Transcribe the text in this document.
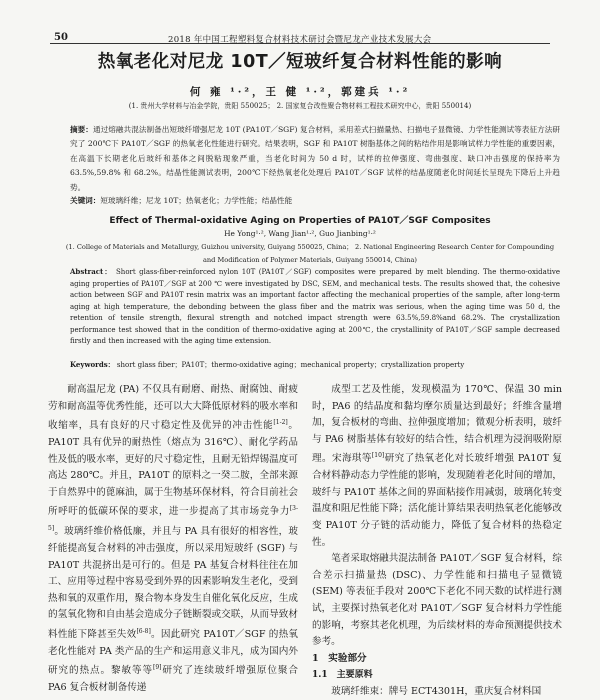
50	2018 年中国工程塑料复合材料技术研讨会暨尼龙产业技术发展大会
热氧老化对尼龙 10T／短玻纤复合材料性能的影响
何 雍 ¹·²，王 健 ¹·²，郭建兵 ¹·²
(1. 贵州大学材料与冶金学院，贵阳 550025； 2. 国家复合改性聚合物材料工程技术研究中心，贵阳 550014)
摘要：通过熔融共混法制备出短玻纤增强尼龙 10T (PA10T／SGF) 复合材料，采用差式扫描量热、扫描电子显微镜、力学性能测试等表征方法研究了 200℃下 PA10T／SGF 的热氧老化性能进行研究。结果表明，SGF 和 PA10T 树脂基体之间的粘结作用是影响试样力学性能的重要因素，在高温下长期老化后玻纤和基体之间脱粘现象严重，当老化时间为 50 d 时，试样的拉伸强度、弯曲强度、缺口冲击强度的保持率为 63.5%,59.8% 和 68.2%。结晶性能测试表明，200℃下经热氧老化处理后 PA10T／SGF 试样的结晶度随老化时间延长呈现先下降后上升趋势。
关键词：短玻璃纤维；尼龙 10T；热氧老化；力学性能；结晶性能
Effect of Thermal-oxidative Aging on Properties of PA10T／SGF Composites
He Yong¹·², Wang Jian¹·², Guo Jianbing¹·²
(1. College of Materials and Metallurgy, Guizhou university, Guiyang 550025, China； 2. National Engineering Research Center for Compounding and Modification of Polymer Materials, Guiyang 550014, China)
Abstract： Short glass-fiber-reinforced nylon 10T (PA10T／SGF) composites were prepared by melt blending. The thermo-oxidative aging properties of PA10T／SGF at 200 ℃ were investigated by DSC, SEM, and mechanical tests. The results showed that, the cohesive action between SGF and PA10T resin matrix was an important factor affecting the mechanical properties of the sample, after long-term aging at high temperature, the debonding between the glass fiber and the matrix was serious, when the aging time was 50 d, the retention of tensile strength, flexural strength and notched impact strength were 63.5%,59.8%and 68.2%. The crystallization performance test showed that in the condition of thermo-oxidative aging at 200℃, the crystallinity of PA10T／SGF sample decreased firstly and then increased with the aging time extension.
Keywords： short glass fiber；PA10T；thermo-oxidative aging；mechanical property；crystallization property

耐高温尼龙 (PA) 不仅具有耐磨、耐热、耐腐蚀、耐疲劳和耐高温等优秀性能，还可以大大降低原材料的吸水率和收缩率，具有良好的尺寸稳定性及优异的冲击性能[1-2]。PA10T 具有优异的耐热性（熔点为 316℃）、耐化学药品性及低的吸水率，更好的尺寸稳定性，且耐无铅焊锡温度可高达 280℃。并且，PA10T 的原料之一癸二胺，全部来源于自然界中的蓖麻油，属于生物基环保材料，符合目前社会所呼吁的低碳环保的要求，进一步提高了其市场竞争力[3-5]。玻璃纤维价格低廉，并且与 PA 具有很好的相容性，玻纤能提高复合材料的冲击强度，所以采用短玻纤 (SGF) 与 PA10T 共混挤出是可行的。但是 PA 基复合材料往往在加工、应用等过程中容易受到外界的因素影响发生老化，受到热和氧的双重作用，聚合物本身发生自催化氧化反应，生成的氢氧化物和自由基会造成分子链断裂或交联，从而导致材料性能下降甚至失效[6-8]。因此研究 PA10T／SGF 的热氧老化性能对 PA 类产品的生产和运用意义非凡，成为国内外研究的热点。黎敏等等[9]研究了连续玻纤增强原位聚合 PA6 复合板材制备传递

成型工艺及性能，发现模温为 170℃、保温 30 min 时，PA6 的结晶度和黏均摩尔质量达到最好；纤维含量增加，复合板材的弯曲、拉伸强度增加；微观分析表明，玻纤与 PA6 树脂基体有较好的结合性，结合机理为浸润吸附原理。宋海琪等[10]研究了热氧老化对长玻纤增强 PA10T 复合材料静动态力学性能的影响，发现随着老化时间的增加，玻纤与 PA10T 基体之间的界面粘接作用减弱，玻璃化转变温度和阻尼性能下降；活化能计算结果表明热氧老化能够改变 PA10T 分子链的活动能力，降低了复合材料的热稳定性。

笔者采取熔融共混法制备 PA10T／SGF 复合材料，综合差示扫描量热 (DSC)、力学性能和扫描电子显微镜 (SEM) 等表征手段对 200℃下老化不同天数的试样进行测试，主要探讨热氧老化对 PA10T／SGF 复合材料力学性能的影响，考察其老化机理，为后续材料的寿命预测提供技术参考。

1　实验部分

1.1　主要原料

玻璃纤维束：牌号 ECT4301H，重庆复合材料国
